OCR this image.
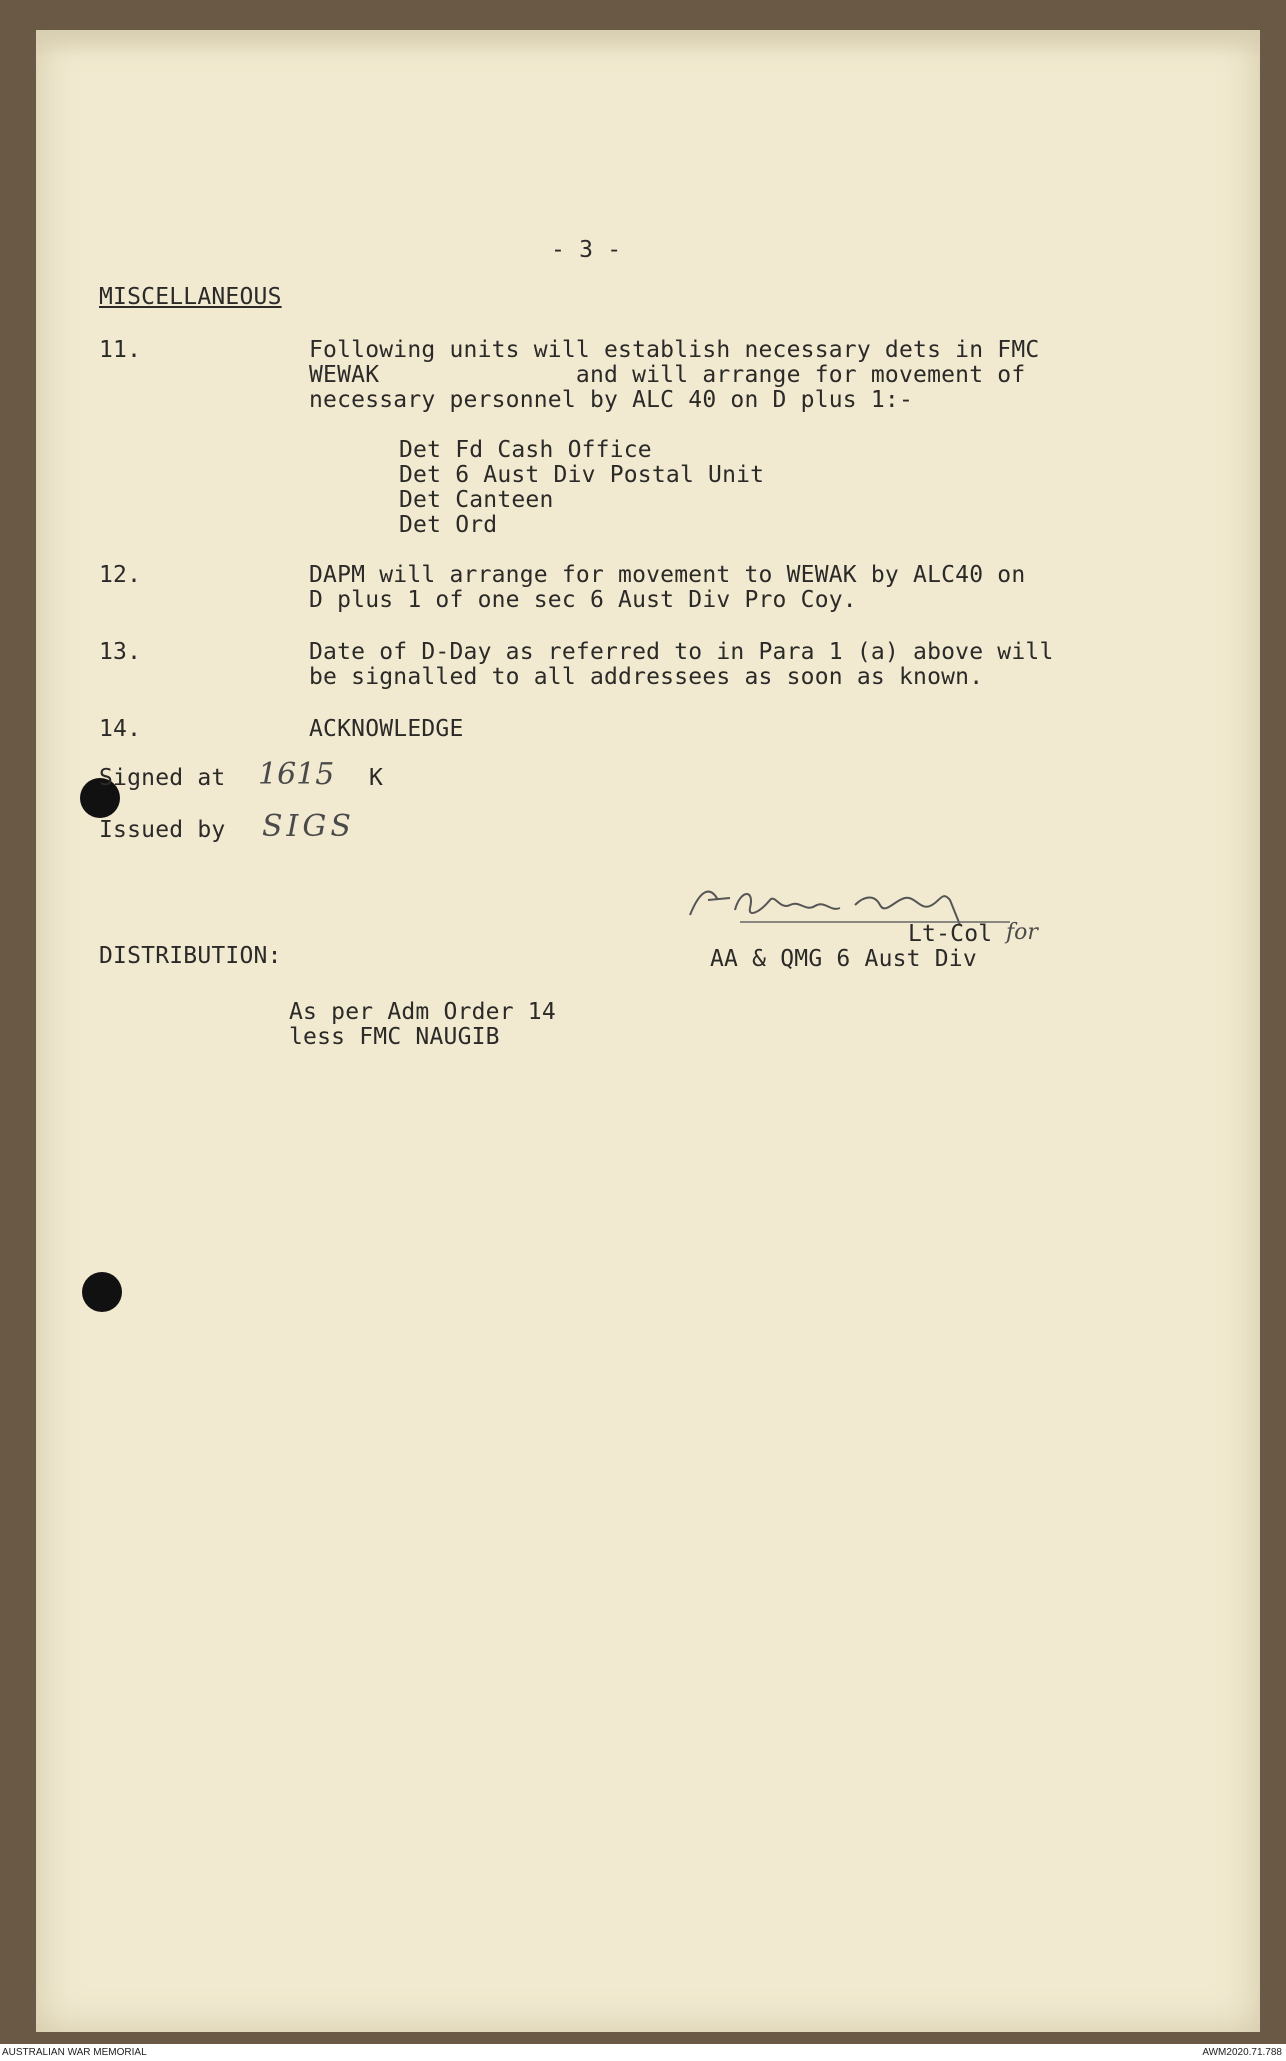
- 3 -
MISCELLANEOUS
11.	Following units will establish necessary dets in FMC
WEWAK              and will arrange for movement of
necessary personnel by ALC 40 on D plus 1:-
Det Fd Cash Office
Det 6 Aust Div Postal Unit
Det Canteen
Det Ord
12.	DAPM will arrange for movement to WEWAK by ALC40 on
D plus 1 of one sec 6 Aust Div Pro Coy.
13.	Date of D-Day as referred to in Para 1 (a) above will
be signalled to all addressees as soon as known.
14.	ACKNOWLEDGE
Signed at 1615 K
Issued by SIGS
Lt-Col
AA & QMG 6 Aust Div
for
DISTRIBUTION:
As per Adm Order 14
less FMC NAUGIB
AUSTRALIAN WAR MEMORIAL	AWM2020.71.788
